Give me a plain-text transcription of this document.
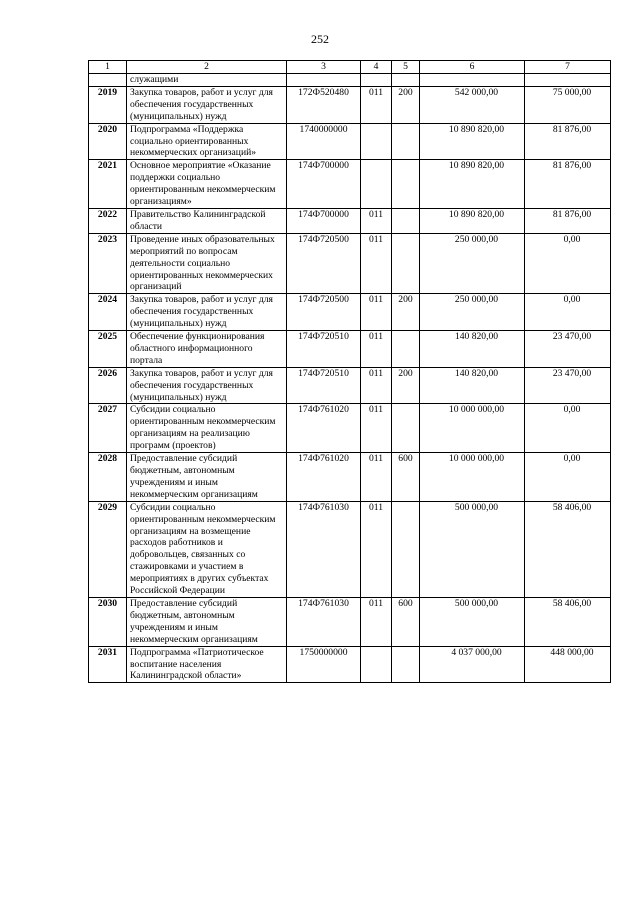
252
1	2	3	4	5	6	7
	служащими					
2019	Закупка товаров, работ и услуг для обеспечения государственных (муниципальных) нужд	172Ф520480	011	200	542 000,00	75 000,00
2020	Подпрограмма «Поддержка социально ориентированных некоммерческих организаций»	1740000000			10 890 820,00	81 876,00
2021	Основное мероприятие «Оказание поддержки социально ориентированным некоммерческим организациям»	174Ф700000			10 890 820,00	81 876,00
2022	Правительство Калининградской области	174Ф700000	011		10 890 820,00	81 876,00
2023	Проведение иных образовательных мероприятий по вопросам деятельности социально ориентированных некоммерческих организаций	174Ф720500	011		250 000,00	0,00
2024	Закупка товаров, работ и услуг для обеспечения государственных (муниципальных) нужд	174Ф720500	011	200	250 000,00	0,00
2025	Обеспечение функционирования областного информационного портала	174Ф720510	011		140 820,00	23 470,00
2026	Закупка товаров, работ и услуг для обеспечения государственных (муниципальных) нужд	174Ф720510	011	200	140 820,00	23 470,00
2027	Субсидии социально ориентированным некоммерческим организациям на реализацию программ (проектов)	174Ф761020	011		10 000 000,00	0,00
2028	Предоставление субсидий бюджетным, автономным учреждениям и иным некоммерческим организациям	174Ф761020	011	600	10 000 000,00	0,00
2029	Субсидии социально ориентированным некоммерческим организациям на возмещение расходов работников и добровольцев, связанных со стажировками и участием в мероприятиях в других субъектах Российской Федерации	174Ф761030	011		500 000,00	58 406,00
2030	Предоставление субсидий бюджетным, автономным учреждениям и иным некоммерческим организациям	174Ф761030	011	600	500 000,00	58 406,00
2031	Подпрограмма «Патриотическое воспитание населения Калининградской области»	1750000000			4 037 000,00	448 000,00
